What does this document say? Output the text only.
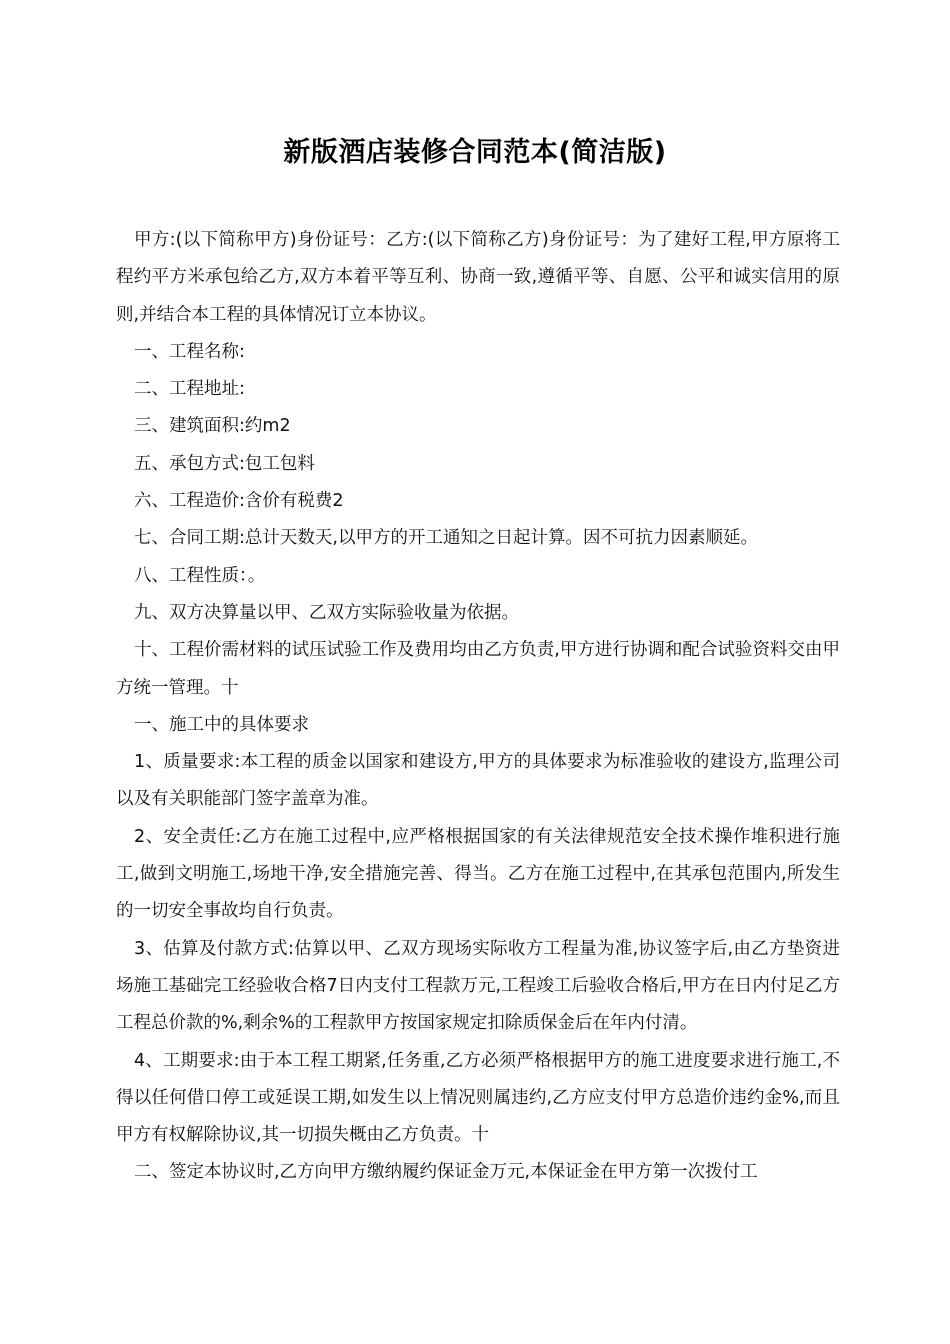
新版酒店装修合同范本(简洁版)

甲方:(以下简称甲方)身份证号：乙方:(以下简称乙方)身份证号：为了建好工程,甲方原将工程约平方米承包给乙方,双方本着平等互利、协商一致,遵循平等、自愿、公平和诚实信用的原则,并结合本工程的具体情况订立本协议。

一、工程名称:

二、工程地址:

三、建筑面积:约m2

五、承包方式:包工包料

六、工程造价:含价有税费2

七、合同工期:总计天数天,以甲方的开工通知之日起计算。因不可抗力因素顺延。

八、工程性质：。

九、双方决算量以甲、乙双方实际验收量为依据。

十、工程价需材料的试压试验工作及费用均由乙方负责,甲方进行协调和配合试验资料交由甲方统一管理。十

一、施工中的具体要求

1、质量要求:本工程的质金以国家和建设方,甲方的具体要求为标准验收的建设方,监理公司以及有关职能部门签字盖章为准。

2、安全责任:乙方在施工过程中,应严格根据国家的有关法律规范安全技术操作堆积进行施工,做到文明施工,场地干净,安全措施完善、得当。乙方在施工过程中,在其承包范围内,所发生的一切安全事故均自行负责。

3、估算及付款方式:估算以甲、乙双方现场实际收方工程量为准,协议签字后,由乙方垫资进场施工基础完工经验收合格7日内支付工程款万元,工程竣工后验收合格后,甲方在日内付足乙方工程总价款的%,剩余%的工程款甲方按国家规定扣除质保金后在年内付清。

4、工期要求:由于本工程工期紧,任务重,乙方必须严格根据甲方的施工进度要求进行施工,不得以任何借口停工或延误工期,如发生以上情况则属违约,乙方应支付甲方总造价违约金%,而且甲方有权解除协议,其一切损失概由乙方负责。十

二、签定本协议时,乙方向甲方缴纳履约保证金万元,本保证金在甲方第一次拨付工
